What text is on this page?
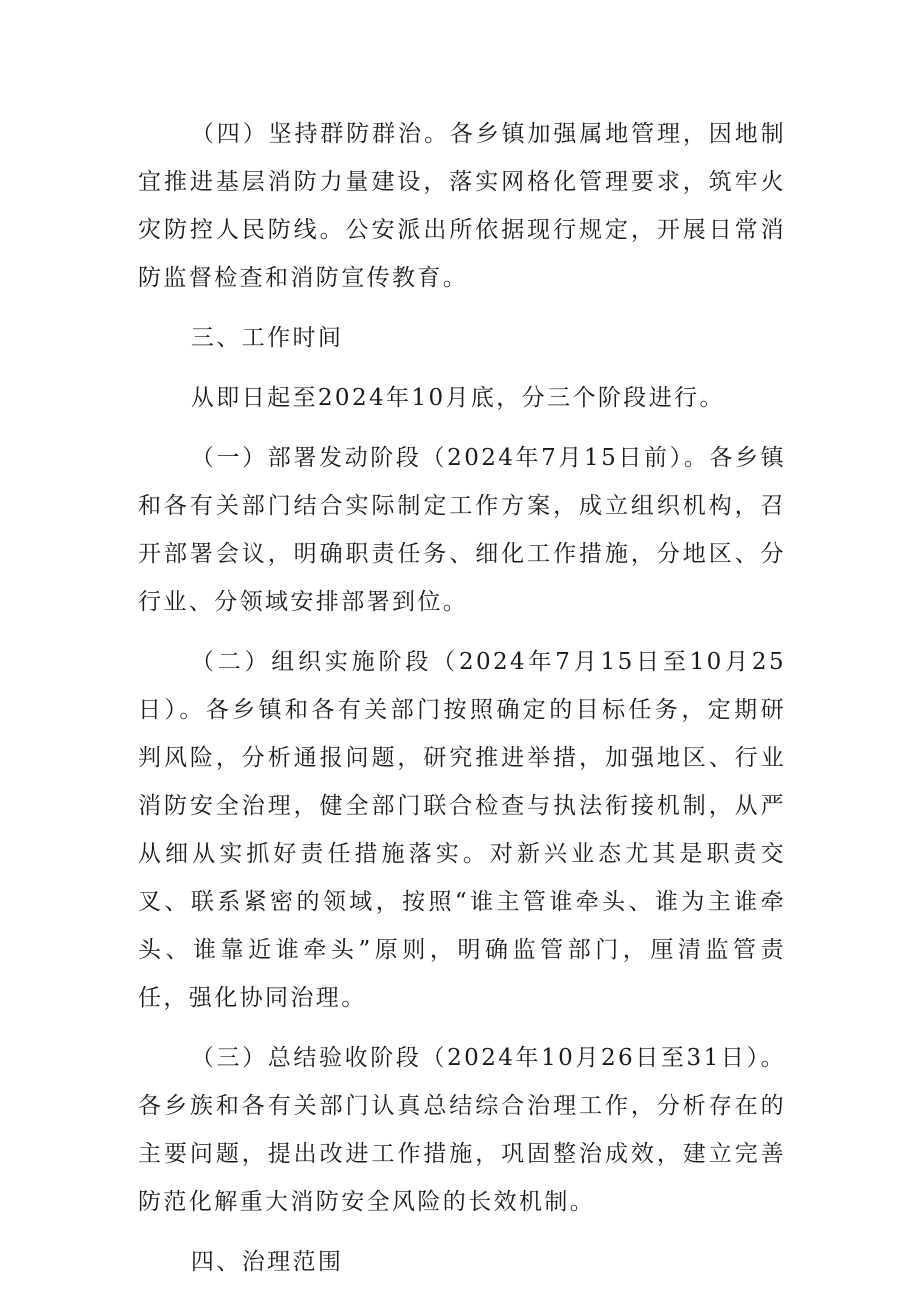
（四）坚持群防群治。各乡镇加强属地管理，因地制宜推进基层消防力量建设，落实网格化管理要求，筑牢火灾防控人民防线。公安派出所依据现行规定，开展日常消防监督检查和消防宣传教育。

三、工作时间

从即日起至2024年10月底，分三个阶段进行。

（一）部署发动阶段（2024年7月15日前）。各乡镇和各有关部门结合实际制定工作方案，成立组织机构，召开部署会议，明确职责任务、细化工作措施，分地区、分行业、分领域安排部署到位。

（二）组织实施阶段（2024年7月15日至10月25日）。各乡镇和各有关部门按照确定的目标任务，定期研判风险，分析通报问题，研究推进举措，加强地区、行业消防安全治理，健全部门联合检查与执法衔接机制，从严从细从实抓好责任措施落实。对新兴业态尤其是职责交叉、联系紧密的领域，按照“谁主管谁牵头、谁为主谁牵头、谁靠近谁牵头”原则，明确监管部门，厘清监管责任，强化协同治理。

（三）总结验收阶段（2024年10月26日至31日）。各乡族和各有关部门认真总结综合治理工作，分析存在的主要问题，提出改进工作措施，巩固整治成效，建立完善防范化解重大消防安全风险的长效机制。

四、治理范围
